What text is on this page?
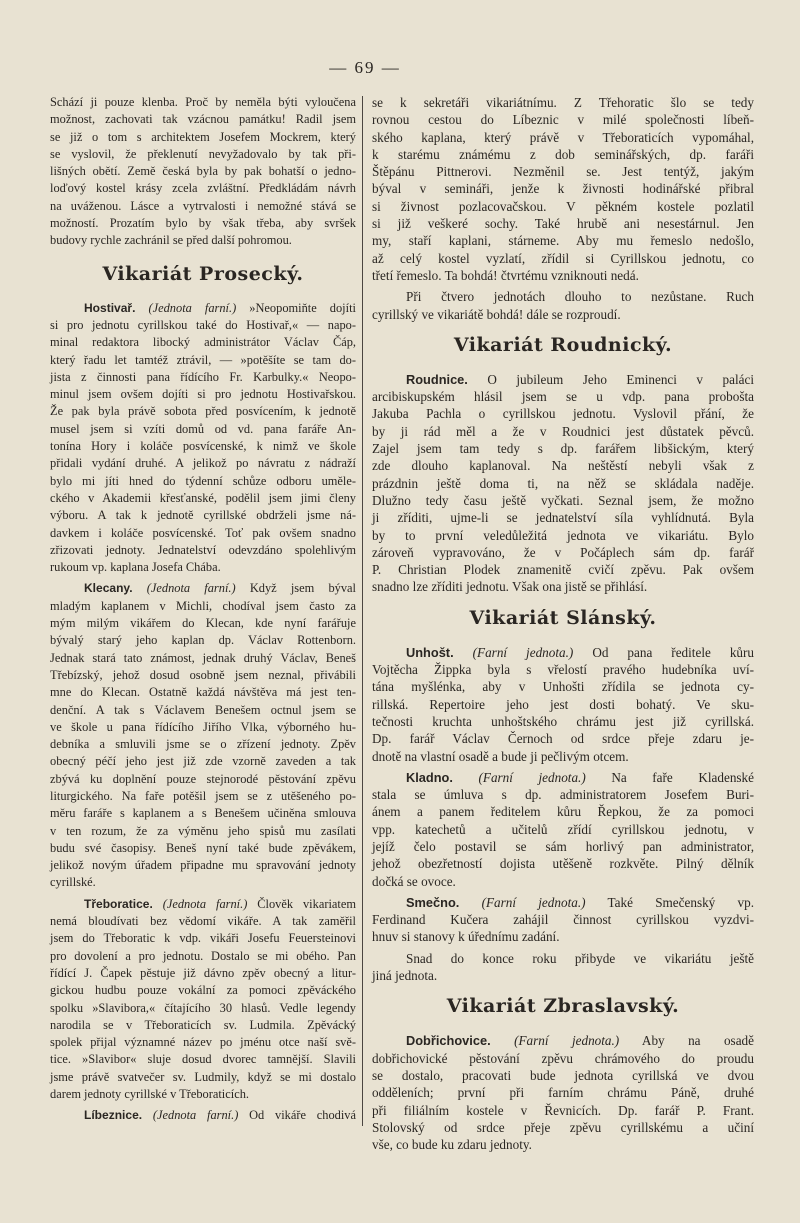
— 69 —
Schází ji pouze klenba. Proč by neměla býti vyloučena
možnost, zachovati tak vzácnou památku! Radil jsem
se již o tom s architektem Josefem Mockrem, který
se vyslovil, že překlenutí nevyžadovalo by tak při-
lišných obětí. Země česká byla by pak bohatší o jedno-
loďový kostel krásy zcela zvláštní. Předkládám návrh
na uváženou. Lásce a vytrvalosti i nemožné stává se
možností. Prozatím bylo by však třeba, aby svršek
budovy rychle zachránil se před další pohromou.
Vikariát Prosecký.
Hostivař. (Jednota farní.) »Neopomiňte dojíti
si pro jednotu cyrillskou také do Hostivař,« — napo-
minal redaktora libocký administrátor Václav Čáp,
který řadu let tamtéž ztrávil, — »potěšíte se tam do-
jista z činnosti pana řídícího Fr. Karbulky.« Neopo-
minul jsem ovšem dojíti si pro jednotu Hostivařskou.
Že pak byla právě sobota před posvícením, k jednotě
musel jsem si vzíti domů od vd. pana faráře An-
tonína Hory i koláče posvícenské, k nimž ve škole
přidali vydání druhé. A jelikož po návratu z nádraží
bylo mi jíti hned do týdenní schůze odboru uměle-
ckého v Akademii křesťanské, podělil jsem jimi členy
výboru. A tak k jednotě cyrillské obdrželi jsme ná-
davkem i koláče posvícenské. Toť pak ovšem snadno
zřizovati jednoty. Jednatelství odevzdáno spolehlivým
rukoum vp. kaplana Josefa Chába.
Klecany. (Jednota farní.) Když jsem býval
mladým kaplanem v Michli, chodíval jsem často za
mým milým vikářem do Klecan, kde nyní farářuje
bývalý starý jeho kaplan dp. Václav Rottenborn.
Jednak stará tato známost, jednak druhý Václav, Beneš
Třebízský, jehož dosud osobně jsem neznal, přivábili
mne do Klecan. Ostatně každá návštěva má jest ten-
denční. A tak s Václavem Benešem octnul jsem se
ve škole u pana řídícího Jiřího Vlka, výborného hu-
debníka a smluvili jsme se o zřízení jednoty. Zpěv
obecný péčí jeho jest již zde vzorně zaveden a tak
zbývá ku doplnění pouze stejnorodé pěstování zpěvu
liturgického. Na faře potěšil jsem se z utěšeného po-
měru faráře s kaplanem a s Benešem učiněna smlouva
v ten rozum, že za výměnu jeho spisů mu zasílati
budu své časopisy. Beneš nyní také bude zpěvákem,
jelikož novým úřadem připadne mu spravování jednoty
cyrillské.
Třeboratice. (Jednota farní.) Člověk vikariatem
nemá bloudívati bez vědomí vikáře. A tak zaměřil
jsem do Třeboratic k vdp. vikáři Josefu Feuersteinovi
pro dovolení a pro jednotu. Dostalo se mi obého. Pan
řídící J. Čapek pěstuje již dávno zpěv obecný a litur-
gickou hudbu pouze vokální za pomoci zpěváckého
spolku »Slavibora,« čítajícího 30 hlasů. Vedle legendy
narodila se v Třeboraticích sv. Ludmila. Zpěvácký
spolek přijal významné název po jménu otce naší svě-
tice. »Slavibor« sluje dosud dvorec tamnější. Slavili
jsme právě svatvečer sv. Ludmily, když se mi dostalo
darem jednoty cyrillské v Třeboraticích.
Líbeznice. (Jednota farní.) Od vikáře chodivá
se k sekretáři vikariátnímu. Z Třehoratic šlo se tedy
rovnou cestou do Líbeznic v milé společnosti líbeň-
ského kaplana, který právě v Třeboraticích vypomáhal,
k starému známému z dob seminářských, dp. faráři
Štěpánu Pittnerovi. Nezměnil se. Jest tentýž, jakým
býval v semináři, jenže k živnosti hodinářské přibral
si živnost pozlacovačskou. V pěkném kostele pozlatil
si již veškeré sochy. Také hrubě ani nesestárnul. Jen
my, staří kaplani, stárneme. Aby mu řemeslo nedošlo,
až celý kostel vyzlatí, zřídil si Cyrillskou jednotu, co
třetí řemeslo. Ta bohdá! čtvrtému vzniknouti nedá.
Při čtvero jednotách dlouho to nezůstane. Ruch
cyrillský ve vikariátě bohdá! dále se rozproudí.
Vikariát Roudnický.
Roudnice. O jubileum Jeho Eminenci v paláci
arcibiskupském hlásil jsem se u vdp. pana probošta
Jakuba Pachla o cyrillskou jednotu. Vyslovil přání, že
by ji rád měl a že v Roudnici jest důstatek pěvců.
Zajel jsem tam tedy s dp. farářem libšickým, který
zde dlouho kaplanoval. Na neštěstí nebyli však z
prázdnin ještě doma ti, na něž se skládala naděje.
Dlužno tedy času ještě vyčkati. Seznal jsem, že možno
ji zříditi, ujme-li se jednatelství síla vyhlídnutá. Byla
by to první veledůležitá jednota ve vikariátu. Bylo
zároveň vypravováno, že v Počáplech sám dp. farář
P. Christian Plodek znamenitě cvičí zpěvu. Pak ovšem
snadno lze zříditi jednotu. Však ona jistě se přihlásí.
Vikariát Slánský.
Unhošt. (Farní jednota.) Od pana ředitele kůru
Vojtěcha Žippka byla s vřelostí pravého hudebníka uví-
tána myšlénka, aby v Unhošti zřídila se jednota cy-
rillská. Repertoire jeho jest dosti bohatý. Ve sku-
tečnosti kruchta unhoštského chrámu jest již cyrillská.
Dp. farář Václav Černoch od srdce přeje zdaru je-
dnotě na vlastní osadě a bude ji pečlivým otcem.
Kladno. (Farní jednota.) Na faře Kladenské
stala se úmluva s dp. administratorem Josefem Buri-
ánem a panem ředitelem kůru Řepkou, že za pomoci
vpp. katechetů a učitelů zřídí cyrillskou jednotu, v
jejíž čelo postavil se sám horlivý pan administrator,
jehož obezřetností dojista utěšeně rozkvěte. Pilný dělník
dočká se ovoce.
Smečno. (Farní jednota.) Také Smečenský vp.
Ferdinand Kučera zahájil činnost cyrillskou vyzdvi-
hnuv si stanovy k úřednímu zadání.
Snad do konce roku přibyde ve vikariátu ještě
jiná jednota.
Vikariát Zbraslavský.
Dobřichovice. (Farní jednota.) Aby na osadě
dobřichovické pěstování zpěvu chrámového do proudu
se dostalo, pracovati bude jednota cyrillská ve dvou
odděleních; první při farním chrámu Páně, druhé
při filiálním kostele v Řevnicích. Dp. farář P. Frant.
Stolovský od srdce přeje zpěvu cyrillskému a učiní
vše, co bude ku zdaru jednoty.
